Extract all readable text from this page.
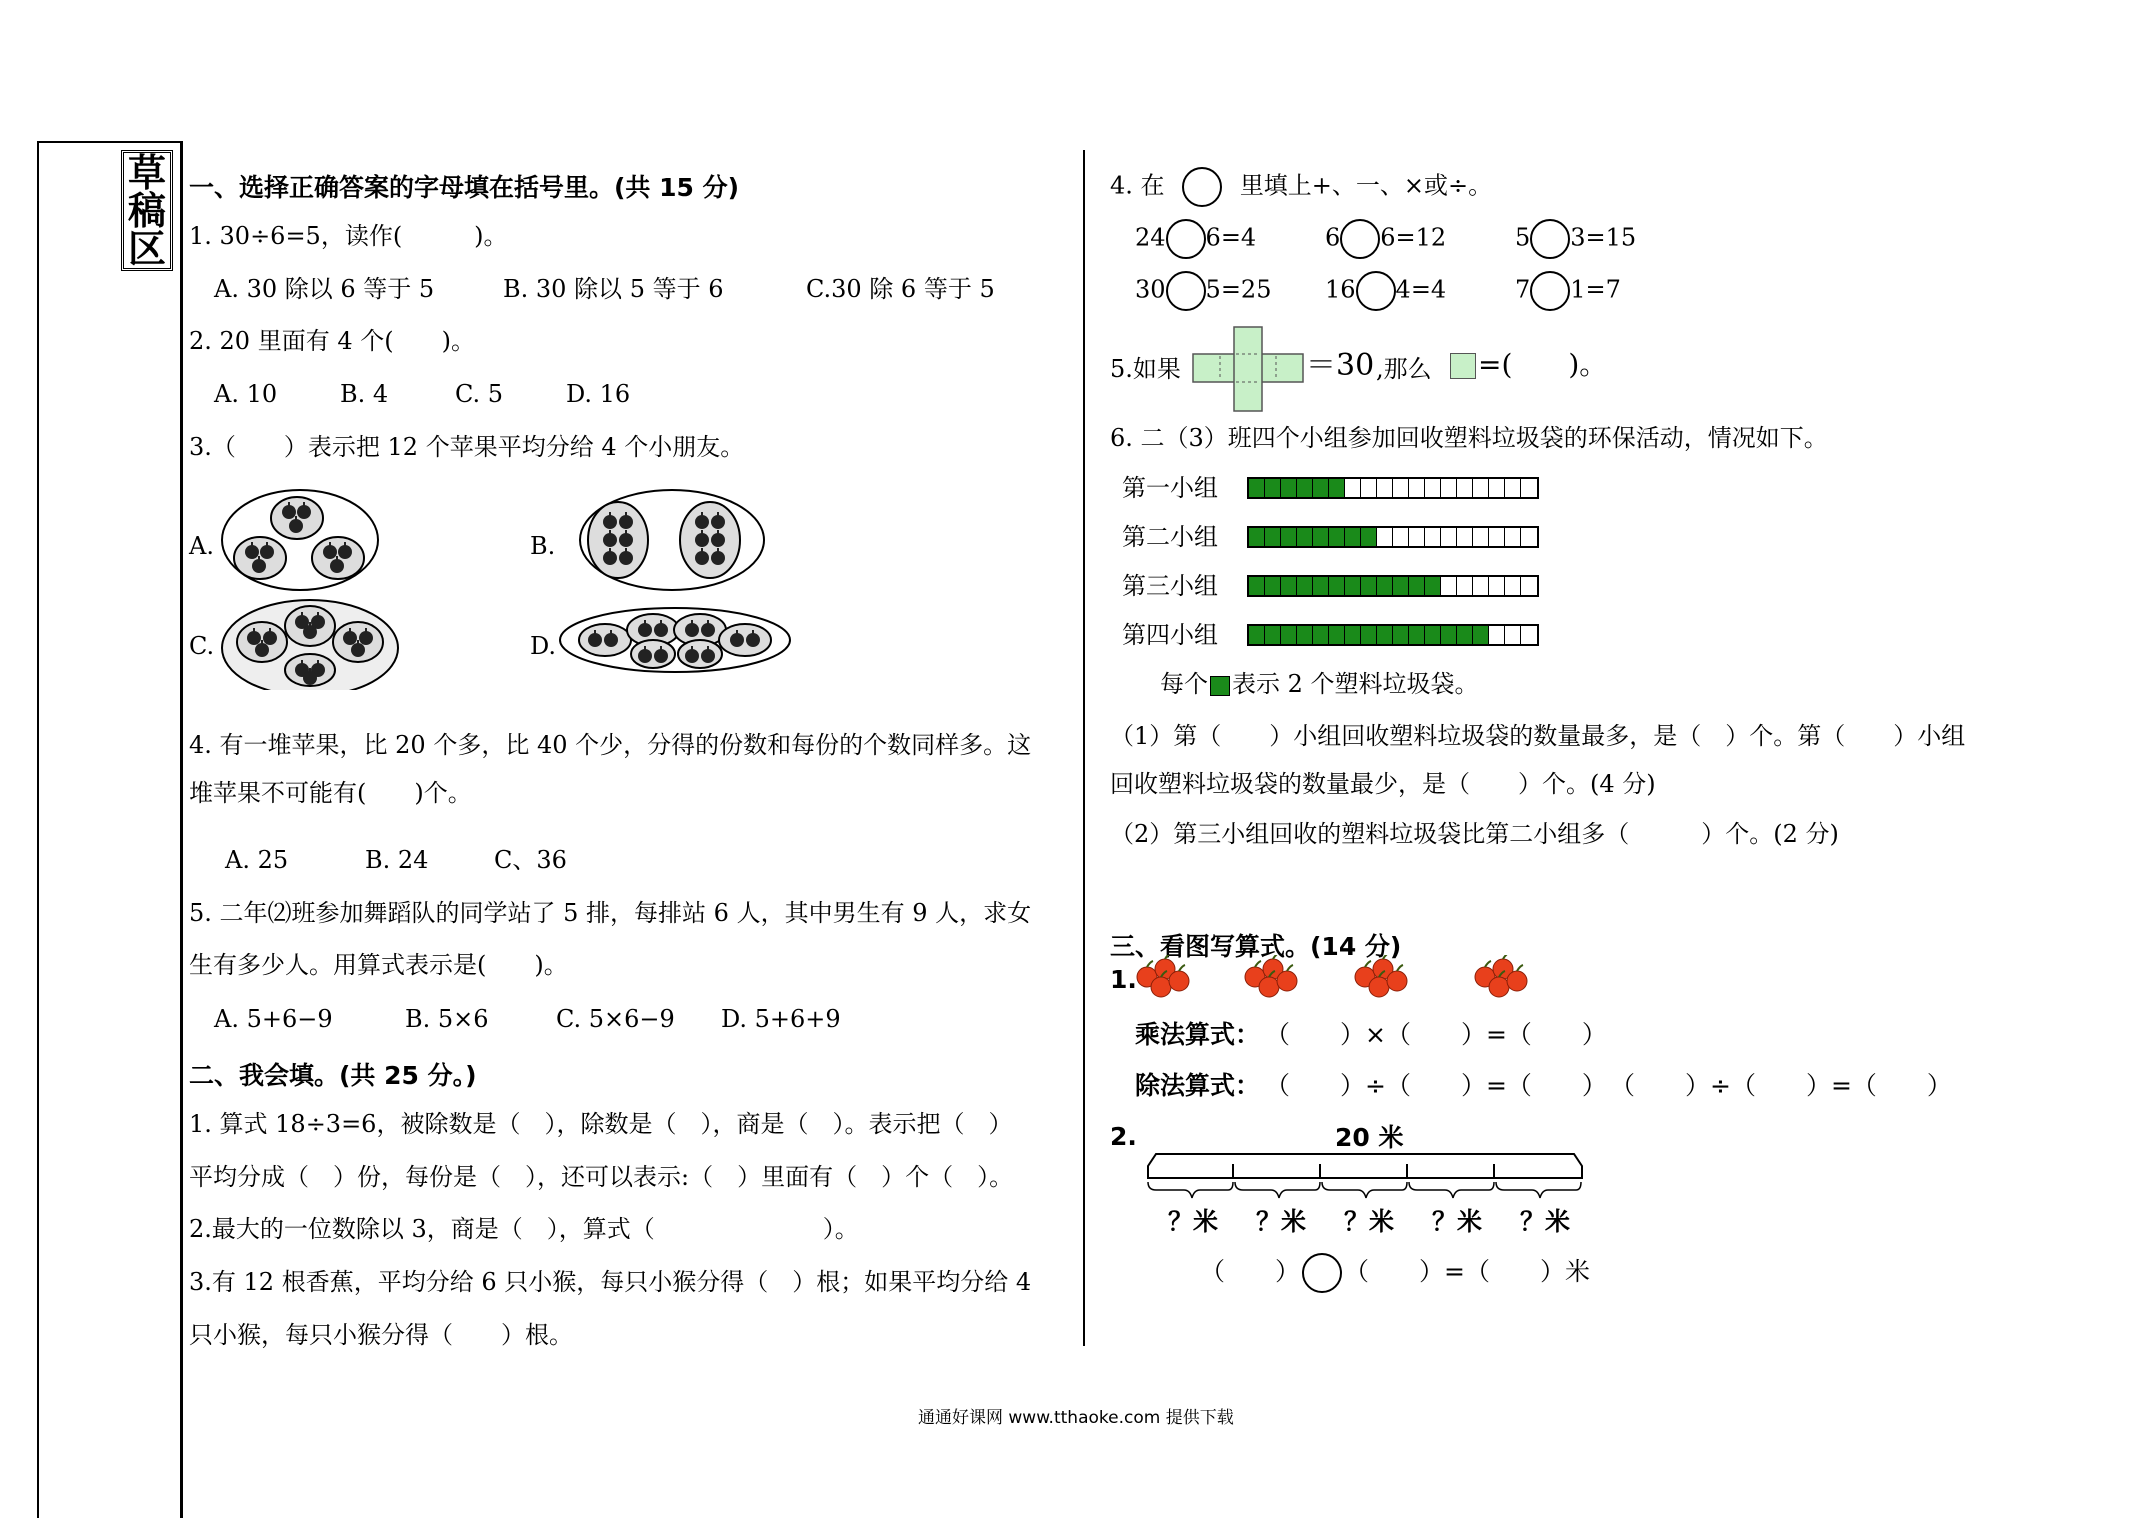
草
稿
区
一、选择正确答案的字母填在括号里。(共 15 分)
1. 30÷6=5，读作(　　　)。
A. 30 除以 6 等于 5	B. 30 除以 5 等于 6	C.30 除 6 等于 5
2. 20 里面有 4 个(　　)。
A. 10	B. 4	C. 5	D. 16
3.（　　）表示把 12 个苹果平均分给 4 个小朋友。
A.	B.
C.	D.
4. 有一堆苹果，比 20 个多，比 40 个少，分得的份数和每份的个数同样多。这
堆苹果不可能有(　　)个。
A. 25	B. 24	C、36
5. 二年⑵班参加舞蹈队的同学站了 5 排，每排站 6 人，其中男生有 9 人，求女
生有多少人。用算式表示是(　　)。
A. 5+6−9	B. 5×6	C. 5×6−9 D. 5+6+9
二、我会填。(共 25 分。)
1. 算式 18÷3=6，被除数是（　），除数是（　），商是（　）。表示把（　）
平均分成（　）份，每份是（　），还可以表示:（　）里面有（　）个（　）。
2.最大的一位数除以 3，商是（　），算式（　　　　　　　）。
3.有 12 根香蕉，平均分给 6 只小猴，每只小猴分得（　）根；如果平均分给 4
只小猴，每只小猴分得（　　）根。
4. 在	里填上+、一、×或÷。
24 6=4	6 6=12	5 3=15
30 5=25 16 4=4	7 1=7
5.如果	＝30 ,那么 =(　　)。
6. 二（3）班四个小组参加回收塑料垃圾袋的环保活动，情况如下。
第一小组
第二小组
第三小组
第四小组
每个 表示 2 个塑料垃圾袋。
（1）第（　　）小组回收塑料垃圾袋的数量最多，是（　）个。第（　　）小组
回收塑料垃圾袋的数量最少，是（　　）个。(4 分)
（2）第三小组回收的塑料垃圾袋比第二小组多（　　　）个。(2 分)
三、看图写算式。(14 分)
1.
乘法算式： （　　）×（　　）=（　　）
除法算式： （　　）÷（　　）=（　　） （　　）÷（　　）=（　　）
2.	20 米
？米 ？米 ？米 ？米 ？米
（　　） （　　）=（　　）米
通通好课网 www.tthaoke.com 提供下载
